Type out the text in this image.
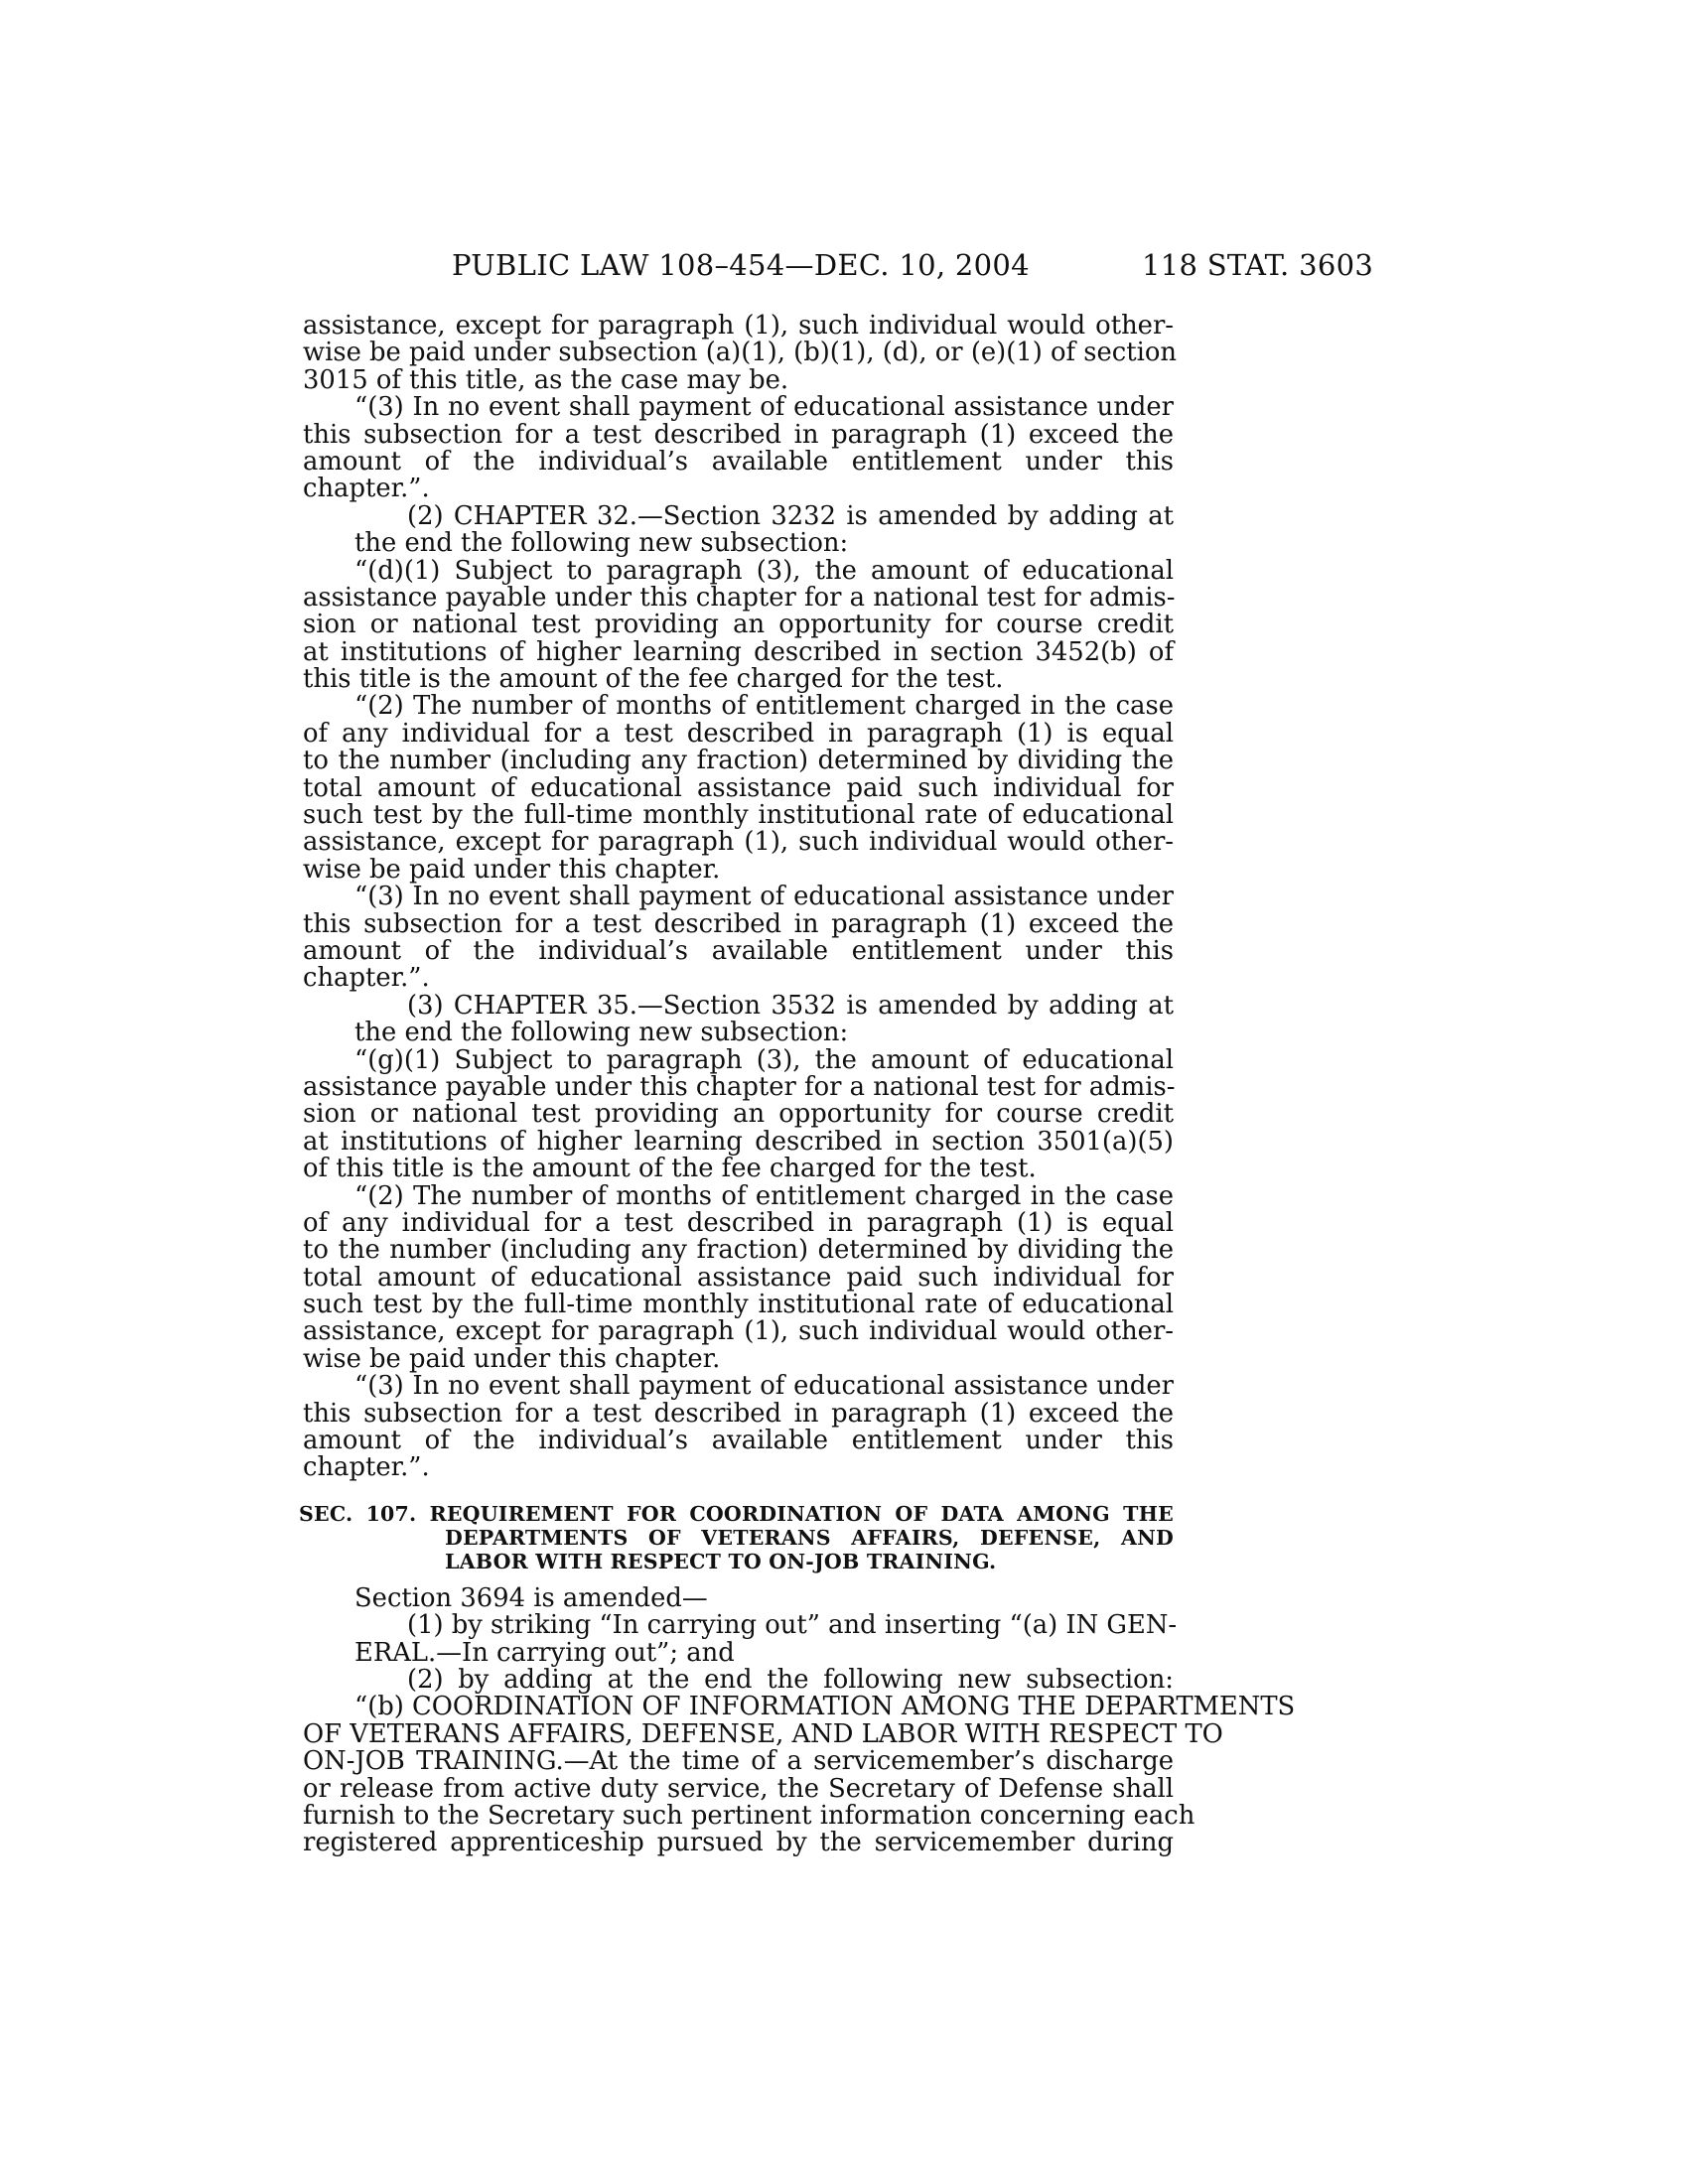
PUBLIC LAW 108–454—DEC. 10, 2004	118 STAT. 3603
assistance, except for paragraph (1), such individual would other-
wise be paid under subsection (a)(1), (b)(1), (d), or (e)(1) of section
3015 of this title, as the case may be.
“(3) In no event shall payment of educational assistance under
this subsection for a test described in paragraph (1) exceed the
amount of the individual’s available entitlement under this
chapter.”.
(2) CHAPTER 32.—Section 3232 is amended by adding at
the end the following new subsection:
“(d)(1) Subject to paragraph (3), the amount of educational
assistance payable under this chapter for a national test for admis-
sion or national test providing an opportunity for course credit
at institutions of higher learning described in section 3452(b) of
this title is the amount of the fee charged for the test.
“(2) The number of months of entitlement charged in the case
of any individual for a test described in paragraph (1) is equal
to the number (including any fraction) determined by dividing the
total amount of educational assistance paid such individual for
such test by the full-time monthly institutional rate of educational
assistance, except for paragraph (1), such individual would other-
wise be paid under this chapter.
“(3) In no event shall payment of educational assistance under
this subsection for a test described in paragraph (1) exceed the
amount of the individual’s available entitlement under this
chapter.”.
(3) CHAPTER 35.—Section 3532 is amended by adding at
the end the following new subsection:
“(g)(1) Subject to paragraph (3), the amount of educational
assistance payable under this chapter for a national test for admis-
sion or national test providing an opportunity for course credit
at institutions of higher learning described in section 3501(a)(5)
of this title is the amount of the fee charged for the test.
“(2) The number of months of entitlement charged in the case
of any individual for a test described in paragraph (1) is equal
to the number (including any fraction) determined by dividing the
total amount of educational assistance paid such individual for
such test by the full-time monthly institutional rate of educational
assistance, except for paragraph (1), such individual would other-
wise be paid under this chapter.
“(3) In no event shall payment of educational assistance under
this subsection for a test described in paragraph (1) exceed the
amount of the individual’s available entitlement under this
chapter.”.
SEC. 107. REQUIREMENT FOR COORDINATION OF DATA AMONG THE
DEPARTMENTS OF VETERANS AFFAIRS, DEFENSE, AND
LABOR WITH RESPECT TO ON-JOB TRAINING.
Section 3694 is amended—
(1) by striking “In carrying out” and inserting “(a) IN GEN-
ERAL.—In carrying out”; and
(2) by adding at the end the following new subsection:
“(b) COORDINATION OF INFORMATION AMONG THE DEPARTMENTS
OF VETERANS AFFAIRS, DEFENSE, AND LABOR WITH RESPECT TO
ON-JOB TRAINING.—At the time of a servicemember’s discharge
or release from active duty service, the Secretary of Defense shall
furnish to the Secretary such pertinent information concerning each
registered apprenticeship pursued by the servicemember during
